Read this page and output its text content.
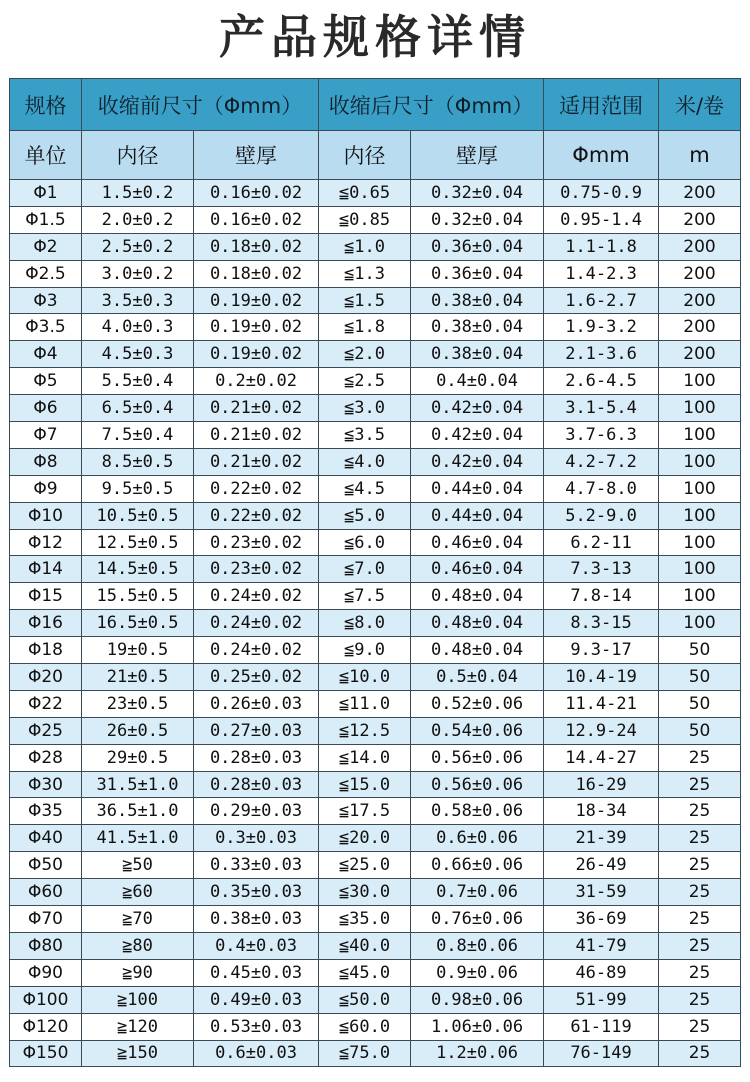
产品规格详情
规格	收缩前尺寸（Φmm）		收缩后尺寸（Φmm）		适用范围	米/卷
单位	内径	壁厚	内径	壁厚	Φmm	m
Φ1	1.5±0.2	0.16±0.02	≦0.65	0.32±0.04	0.75-0.9	200
Φ1.5	2.0±0.2	0.16±0.02	≦0.85	0.32±0.04	0.95-1.4	200
Φ2	2.5±0.2	0.18±0.02	≦1.0	0.36±0.04	1.1-1.8	200
Φ2.5	3.0±0.2	0.18±0.02	≦1.3	0.36±0.04	1.4-2.3	200
Φ3	3.5±0.3	0.19±0.02	≦1.5	0.38±0.04	1.6-2.7	200
Φ3.5	4.0±0.3	0.19±0.02	≦1.8	0.38±0.04	1.9-3.2	200
Φ4	4.5±0.3	0.19±0.02	≦2.0	0.38±0.04	2.1-3.6	200
Φ5	5.5±0.4	0.2±0.02	≦2.5	0.4±0.04	2.6-4.5	100
Φ6	6.5±0.4	0.21±0.02	≦3.0	0.42±0.04	3.1-5.4	100
Φ7	7.5±0.4	0.21±0.02	≦3.5	0.42±0.04	3.7-6.3	100
Φ8	8.5±0.5	0.21±0.02	≦4.0	0.42±0.04	4.2-7.2	100
Φ9	9.5±0.5	0.22±0.02	≦4.5	0.44±0.04	4.7-8.0	100
Φ10	10.5±0.5	0.22±0.02	≦5.0	0.44±0.04	5.2-9.0	100
Φ12	12.5±0.5	0.23±0.02	≦6.0	0.46±0.04	6.2-11	100
Φ14	14.5±0.5	0.23±0.02	≦7.0	0.46±0.04	7.3-13	100
Φ15	15.5±0.5	0.24±0.02	≦7.5	0.48±0.04	7.8-14	100
Φ16	16.5±0.5	0.24±0.02	≦8.0	0.48±0.04	8.3-15	100
Φ18	19±0.5	0.24±0.02	≦9.0	0.48±0.04	9.3-17	50
Φ20	21±0.5	0.25±0.02	≦10.0	0.5±0.04	10.4-19	50
Φ22	23±0.5	0.26±0.03	≦11.0	0.52±0.06	11.4-21	50
Φ25	26±0.5	0.27±0.03	≦12.5	0.54±0.06	12.9-24	50
Φ28	29±0.5	0.28±0.03	≦14.0	0.56±0.06	14.4-27	25
Φ30	31.5±1.0	0.28±0.03	≦15.0	0.56±0.06	16-29	25
Φ35	36.5±1.0	0.29±0.03	≦17.5	0.58±0.06	18-34	25
Φ40	41.5±1.0	0.3±0.03	≦20.0	0.6±0.06	21-39	25
Φ50	≧50	0.33±0.03	≦25.0	0.66±0.06	26-49	25
Φ60	≧60	0.35±0.03	≦30.0	0.7±0.06	31-59	25
Φ70	≧70	0.38±0.03	≦35.0	0.76±0.06	36-69	25
Φ80	≧80	0.4±0.03	≦40.0	0.8±0.06	41-79	25
Φ90	≧90	0.45±0.03	≦45.0	0.9±0.06	46-89	25
Φ100	≧100	0.49±0.03	≦50.0	0.98±0.06	51-99	25
Φ120	≧120	0.53±0.03	≦60.0	1.06±0.06	61-119	25
Φ150	≧150	0.6±0.03	≦75.0	1.2±0.06	76-149	25
